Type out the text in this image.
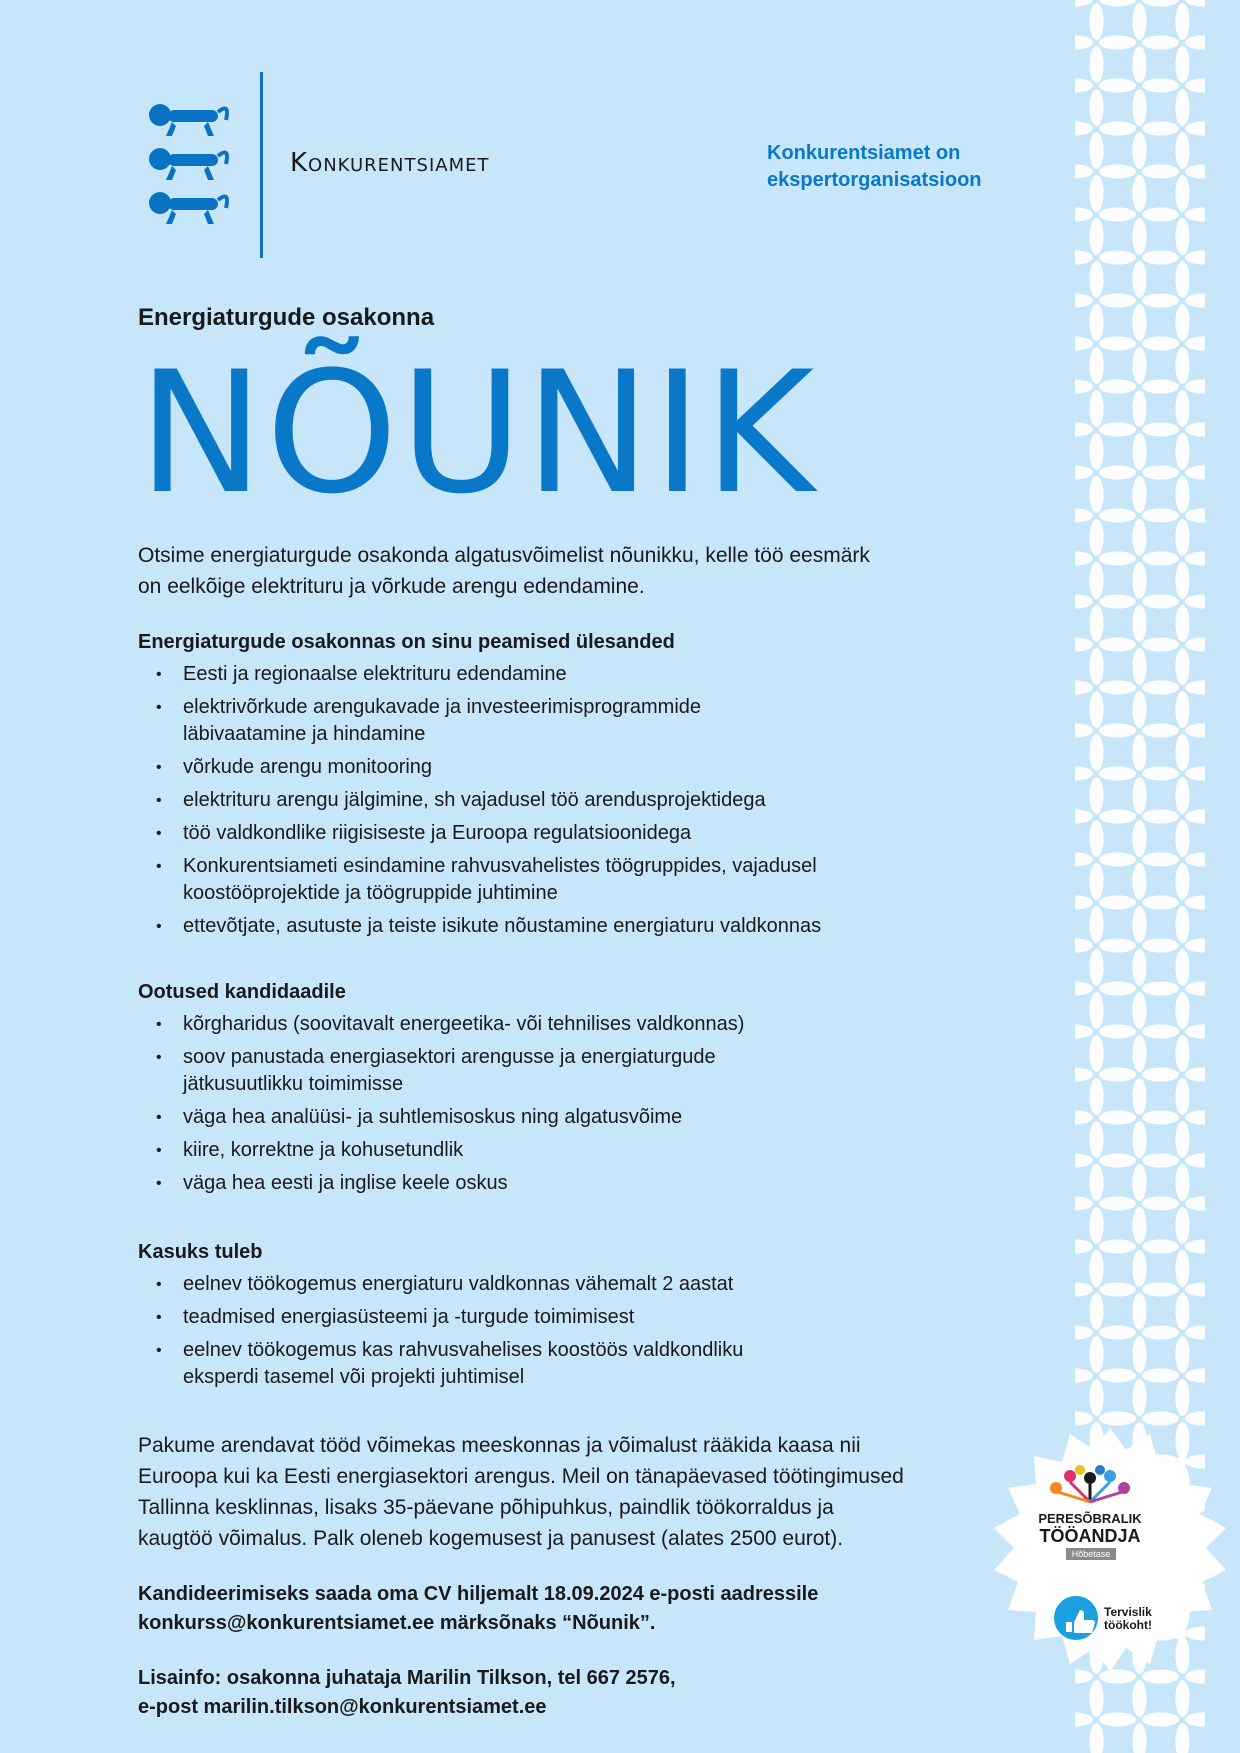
Konkurentsiamet	Konkurentsiamet on
ekspertorganisatsioon
Energiaturgude osakonna
NÕUNIK
Otsime energiaturgude osakonda algatusvõimelist nõunikku, kelle töö eesmärk
on eelkõige elektrituru ja võrkude arengu edendamine.
Energiaturgude osakonnas on sinu peamised ülesanded
• Eesti ja regionaalse elektrituru edendamine
• elektrivõrkude arengukavade ja investeerimisprogrammide
läbivaatamine ja hindamine
• võrkude arengu monitooring
• elektrituru arengu jälgimine, sh vajadusel töö arendusprojektidega
• töö valdkondlike riigisiseste ja Euroopa regulatsioonidega
• Konkurentsiameti esindamine rahvusvahelistes töögruppides, vajadusel
koostööprojektide ja töögruppide juhtimine
• ettevõtjate, asutuste ja teiste isikute nõustamine energiaturu valdkonnas
Ootused kandidaadile
• kõrgharidus (soovitavalt energeetika- või tehnilises valdkonnas)
• soov panustada energiasektori arengusse ja energiaturgude
jätkusuutlikku toimimisse
• väga hea analüüsi- ja suhtlemisoskus ning algatusvõime
• kiire, korrektne ja kohusetundlik
• väga hea eesti ja inglise keele oskus
Kasuks tuleb
• eelnev töökogemus energiaturu valdkonnas vähemalt 2 aastat
• teadmised energiasüsteemi ja -turgude toimimisest
• eelnev töökogemus kas rahvusvahelises koostöös valdkondliku
eksperdi tasemel või projekti juhtimisel
Pakume arendavat tööd võimekas meeskonnas ja võimalust rääkida kaasa nii
Euroopa kui ka Eesti energiasektori arengus. Meil on tänapäevased töötingimused
Tallinna kesklinnas, lisaks 35-päevane põhipuhkus, paindlik töökorraldus ja
kaugtöö võimalus. Palk oleneb kogemusest ja panusest (alates 2500 eurot).
Kandideerimiseks saada oma CV hiljemalt 18.09.2024 e-posti aadressile
konkurss@konkurentsiamet.ee märksõnaks “Nõunik”.
Lisainfo: osakonna juhataja Marilin Tilkson, tel 667 2576,
e-post marilin.tilkson@konkurentsiamet.ee
PERESÕBRALIK
TÖÖANDJA
Hõbetase
Tervislik
töökoht!
